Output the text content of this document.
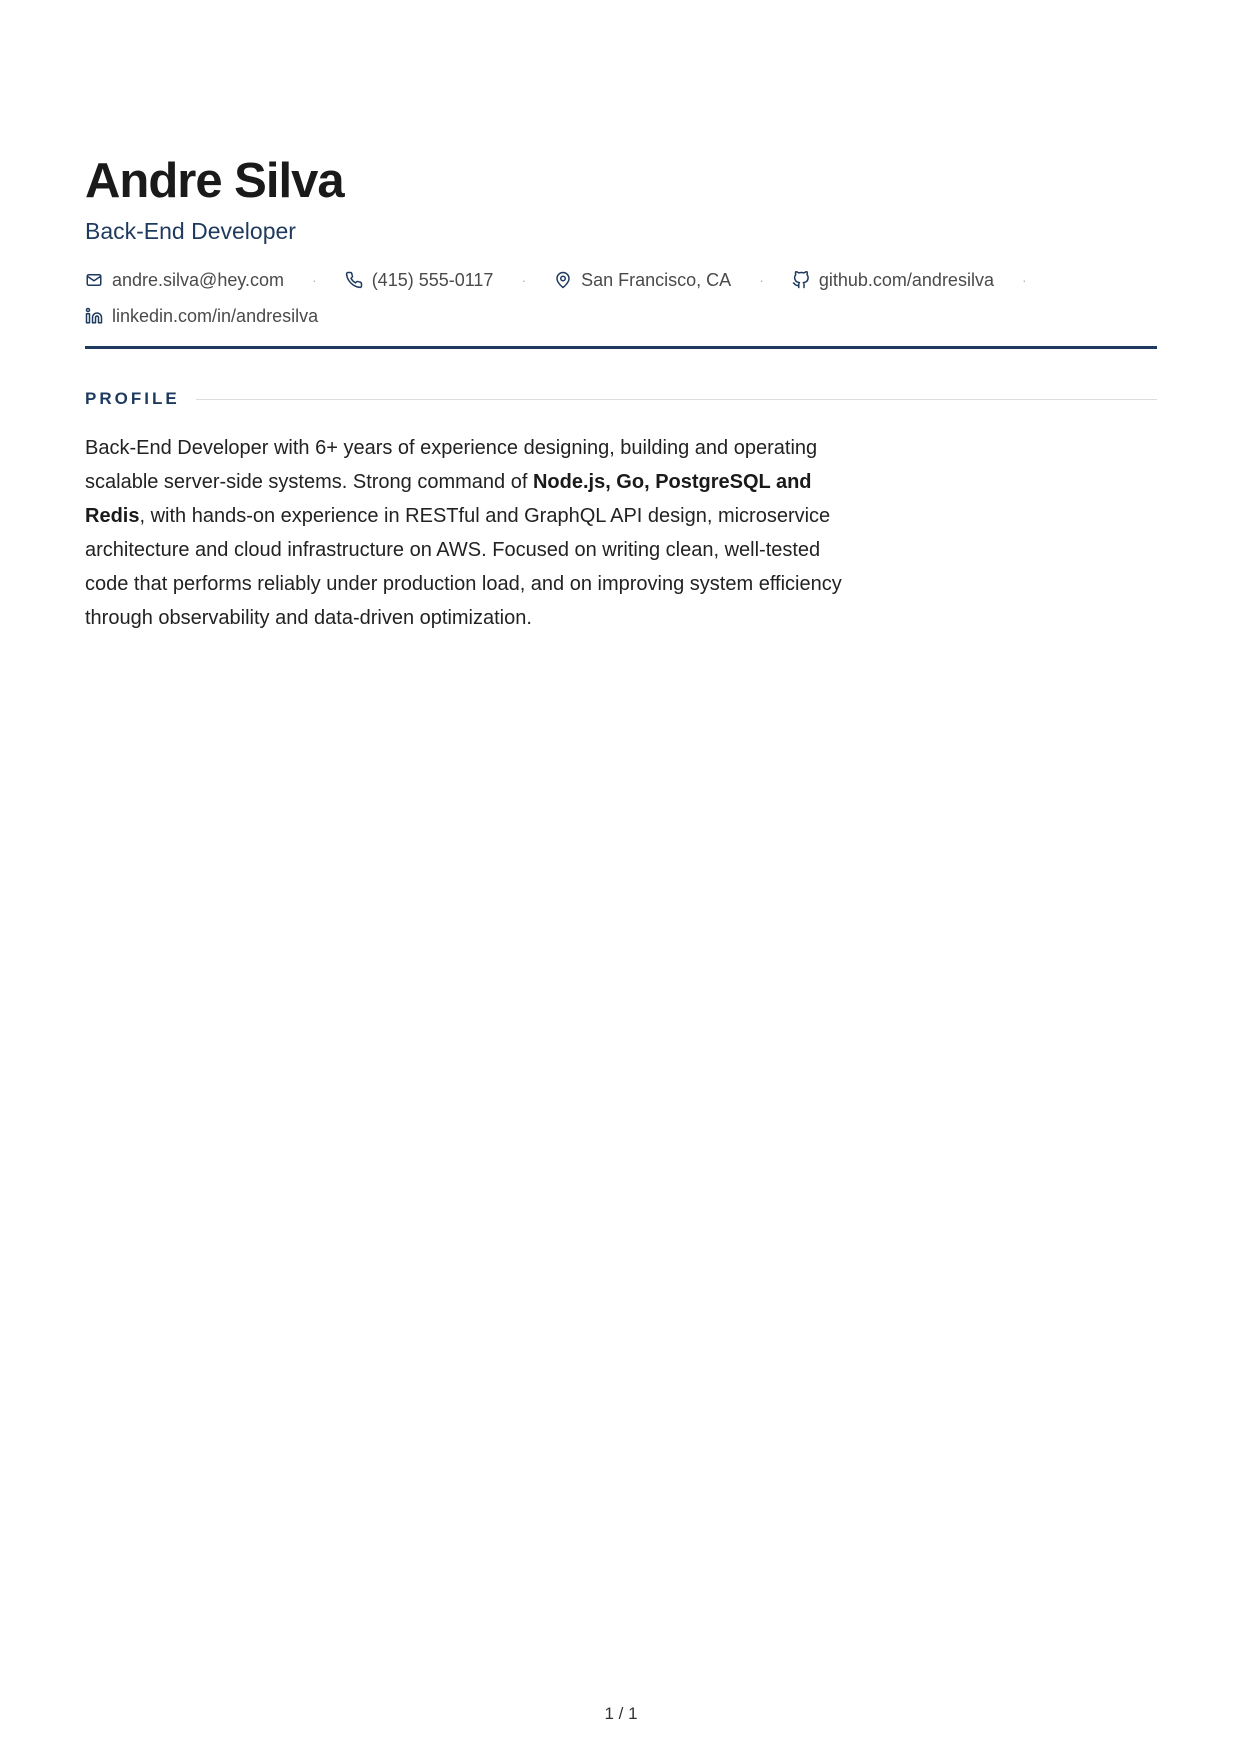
Andre Silva
Back-End Developer
andre.silva@hey.com ·	(415) 555-0117 ·	San Francisco, CA ·	github.com/andresilva ·
linkedin.com/in/andresilva
PROFILE

Back-End Developer with 6+ years of experience designing, building and operating scalable server-side systems. Strong command of Node.js, Go, PostgreSQL and Redis, with hands-on experience in RESTful and GraphQL API design, microservice architecture and cloud infrastructure on AWS. Focused on writing clean, well-tested code that performs reliably under production load, and on improving system efficiency through observability and data-driven optimization.

1 / 1
